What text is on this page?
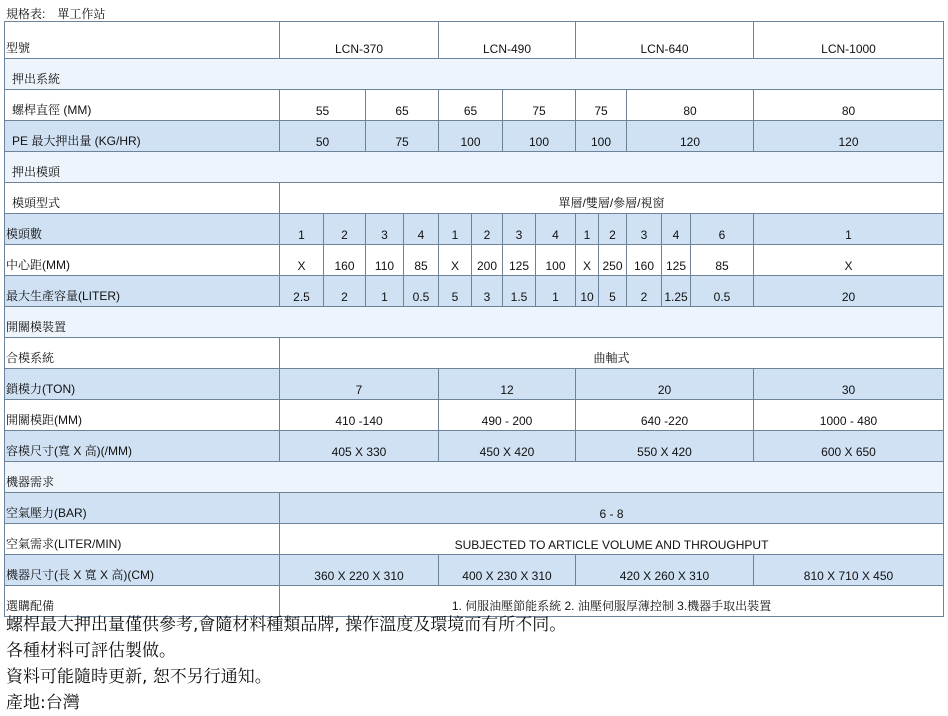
規格表: 單工作站
型號	LCN-370				LCN-490				LCN-640					LCN-1000
押出系統														
螺桿直徑 (MM)	55		65		65		75		75		80			80
PE 最大押出量 (KG/HR)	50		75		100		100		100		120			120
押出模頭														
模頭型式	單層/雙層/參層/視窗													
模頭數	1	2	3	4	1	2	3	4	1	2	3	4	6	1
中心距(MM)	X	160	110	85	X	200	125	100	X	250	160	125	85	X
最大生產容量(LITER)	2.5	2	1	0.5	5	3	1.5	1	10	5	2	1.25	0.5	20
開關模裝置														
合模系統	曲軸式													
鎖模力(TON)	7				12				20					30
開關模距(MM)	410 -140				490 - 200				640 -220					1000 - 480
容模尺寸(寬 X 高)(/MM)	405 X 330				450 X 420				550 X 420					600 X 650
機器需求														
空氣壓力(BAR)	6 - 8													
空氣需求(LITER/MIN)	SUBJECTED TO ARTICLE VOLUME AND THROUGHPUT													
機器尺寸(長 X 寬 X 高)(CM)	360 X 220 X 310				400 X 230 X 310				420 X 260 X 310					810 X 710 X 450
選購配備	1. 伺服油壓節能系統 2. 油壓伺服厚薄控制 3.機器手取出裝置													
螺桿最大押出量僅供參考,會隨材料種類品牌, 操作溫度及環境而有所不同。
各種材料可評估製做。
資料可能隨時更新, 恕不另行通知。
產地:台灣
